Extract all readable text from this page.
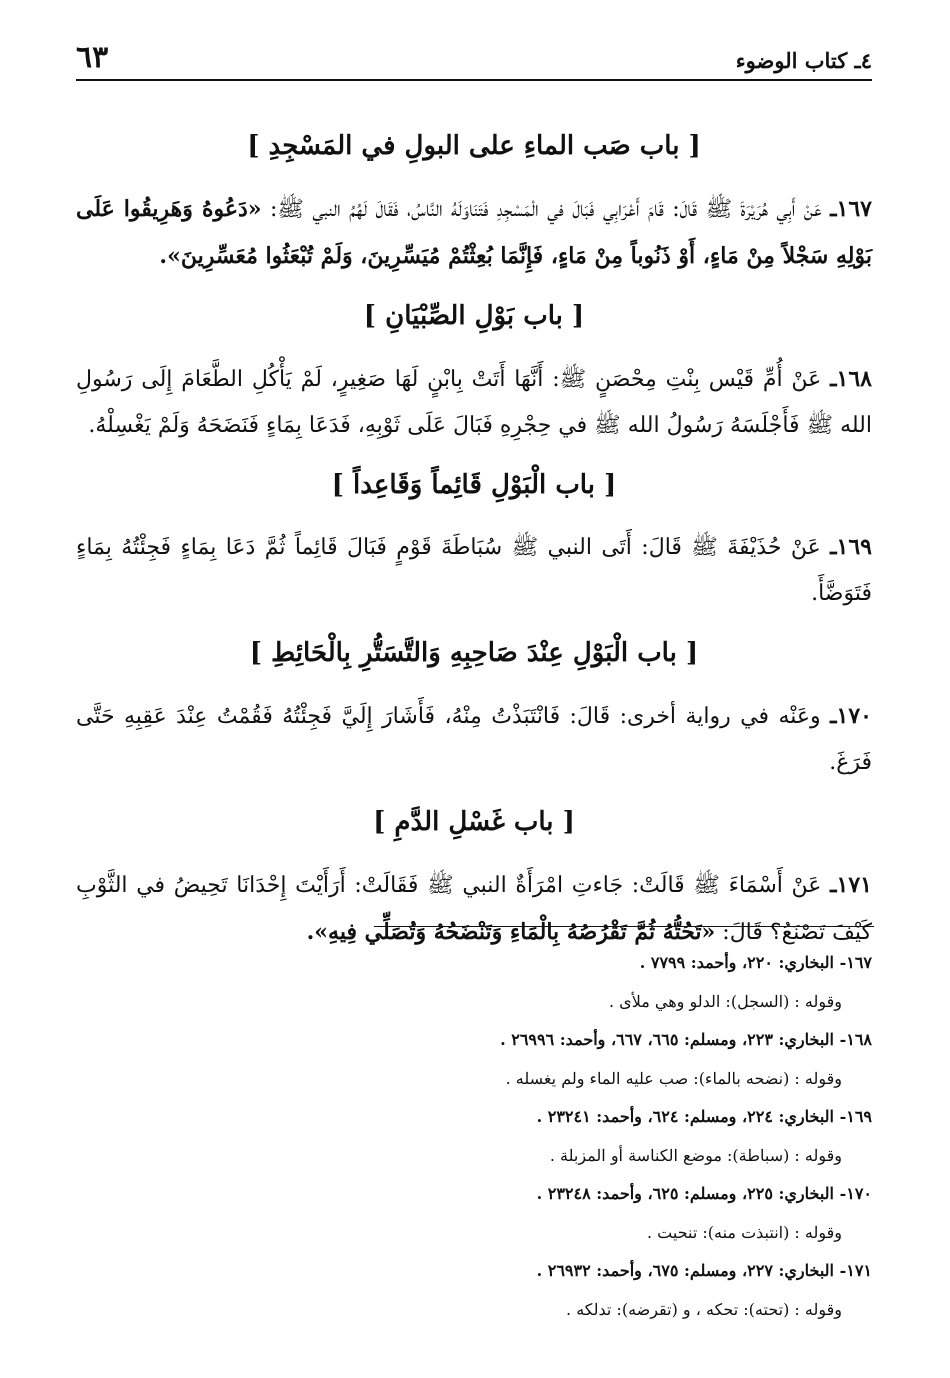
٤ـ كتاب الوضوء
٦٣
[ باب صَب الماءِ على البولِ في المَسْجِدِ ]

١٦٧ـ عَنْ أَبِي هُرَيْرَةَ ﷺ قَالَ: قَامَ أَعْرَابِي فَبَالَ في الْمَسْجِدِ فَتَنَاوَلَهُ النَّاسُ، فَقَالَ لَهُمُ النبي ﷺ: «دَعُوهُ وَهَرِيقُوا عَلَى بَوْلِهِ سَجْلاً مِنْ مَاءٍ، أَوْ ذَنُوباً مِنْ مَاءٍ، فَإِنَّمَا بُعِثْتُمْ مُيَسِّرِينَ، وَلَمْ تُبْعَثُوا مُعَسِّرِينَ».

[ باب بَوْلِ الصِّبْيَانِ ]

١٦٨ـ عَنْ أُمِّ قَيْس بِنْتِ مِحْصَنٍ ﷺ: أَنَّهَا أَتَتْ بِابْنٍ لَهَا صَغِيرٍ، لَمْ يَأْكُلِ الطَّعَامَ إِلَى رَسُولِ الله ﷺ فَأَجْلَسَهُ رَسُولُ الله ﷺ في حِجْرِهِ فَبَالَ عَلَى ثَوْبِهِ، فَدَعَا بِمَاءٍ فَنَضَحَهُ وَلَمْ يَغْسِلْهُ.

[ باب الْبَوْلِ قَائِماً وَقَاعِداً ]

١٦٩ـ عَنْ حُذَيْفَةَ ﷺ قَالَ: أَتَى النبي ﷺ سُبَاطَةَ قَوْمٍ فَبَالَ قَائِماً ثُمَّ دَعَا بِمَاءٍ فَجِئْتُهُ بِمَاءٍ فَتَوَضَّأَ.

[ باب الْبَوْلِ عِنْدَ صَاحِبِهِ وَالتَّسَتُّرِ بِالْحَائِطِ ]

١٧٠ـ وعَنْه في رواية أخرى: قَالَ: فَانْتَبَذْتُ مِنْهُ، فَأَشَارَ إِلَيَّ فَجِئْتُهُ فَقُمْتُ عِنْدَ عَقِبِهِ حَتَّى فَرَغَ.

[ باب غَسْلِ الدَّمِ ]

١٧١ـ عَنْ أَسْمَاءَ ﷺ قَالَتْ: جَاءتِ امْرَأَةٌ النبي ﷺ فَقَالَتْ: أَرَأَيْتَ إِحْدَانَا تَحِيضُ في الثَّوْبِ كَيْفَ تَصْنَعُ؟ قَالَ: «تَحُتُّهُ ثُمَّ تَقْرُصُهُ بِالْمَاءِ وَتَنْضَحُهُ وَتُصَلِّي فِيهِ».

١٦٧- البخاري: ٢٢٠، وأحمد: ٧٧٩٩ .

وقوله : (السجل): الدلو وهي ملأى .

١٦٨- البخاري: ٢٢٣، ومسلم: ٦٦٥، ٦٦٧، وأحمد: ٢٦٩٩٦ .

وقوله : (نضحه بالماء): صب عليه الماء ولم يغسله .

١٦٩- البخاري: ٢٢٤، ومسلم: ٦٢٤، وأحمد: ٢٣٢٤١ .

وقوله : (سباطة): موضع الكناسة أو المزبلة .

١٧٠- البخاري: ٢٢٥، ومسلم: ٦٢٥، وأحمد: ٢٣٢٤٨ .

وقوله : (انتبذت منه): تنحيت .

١٧١- البخاري: ٢٢٧، ومسلم: ٦٧٥، وأحمد: ٢٦٩٣٢ .

وقوله : (تحته): تحكه ، و (تقرضه): تدلكه .
